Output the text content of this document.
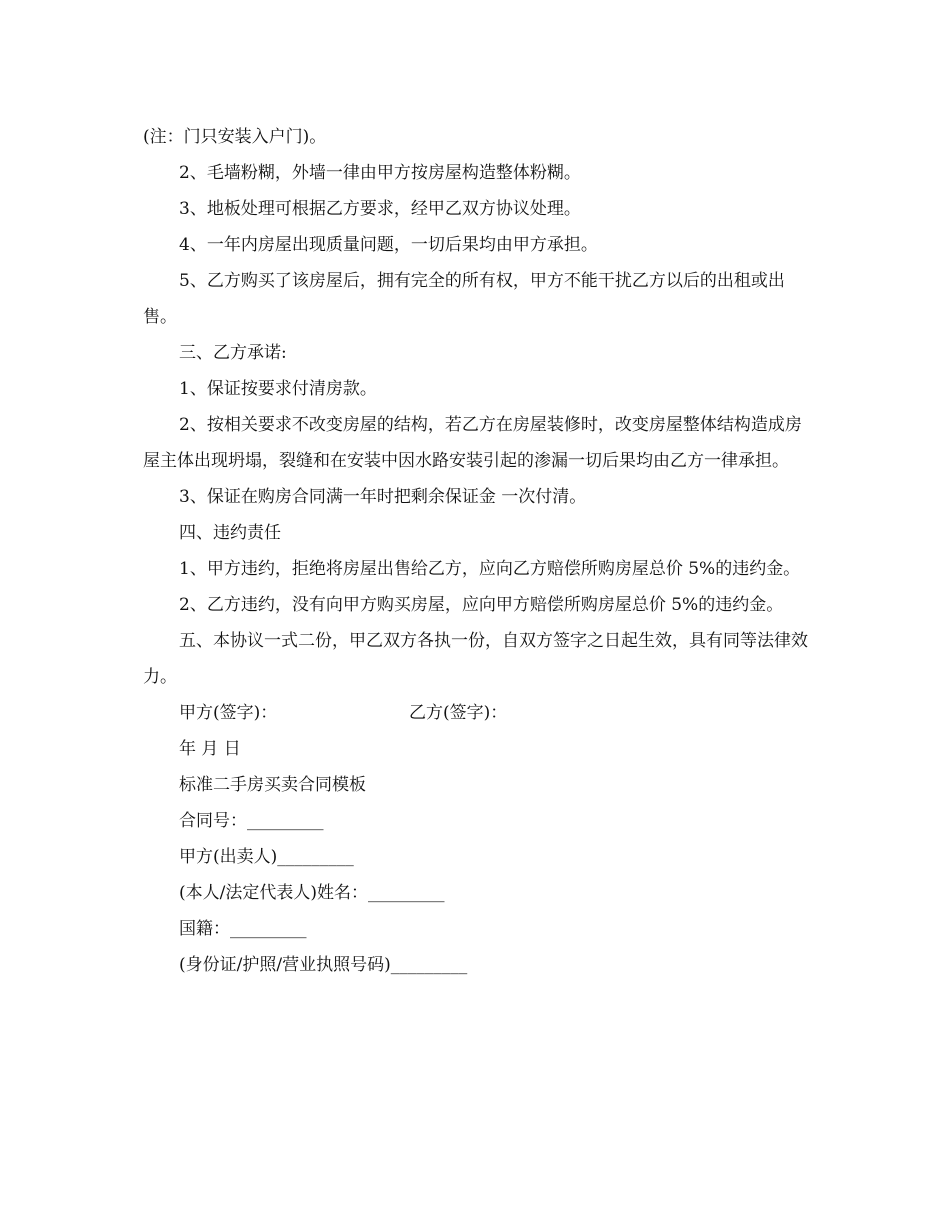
(注：门只安装入户门)。

2、毛墙粉糊，外墙一律由甲方按房屋构造整体粉糊。

3、地板处理可根据乙方要求，经甲乙双方协议处理。

4、一年内房屋出现质量问题，一切后果均由甲方承担。

5、乙方购买了该房屋后，拥有完全的所有权，甲方不能干扰乙方以后的出租或出售。

三、乙方承诺:

1、保证按要求付清房款。

2、按相关要求不改变房屋的结构，若乙方在房屋装修时，改变房屋整体结构造成房屋主体出现坍塌，裂缝和在安装中因水路安装引起的渗漏一切后果均由乙方一律承担。

3、保证在购房合同满一年时把剩余保证金 一次付清。

四、违约责任

1、甲方违约，拒绝将房屋出售给乙方，应向乙方赔偿所购房屋总价 5%的违约金。

2、乙方违约，没有向甲方购买房屋，应向甲方赔偿所购房屋总价 5%的违约金。

五、本协议一式二份，甲乙双方各执一份，自双方签字之日起生效，具有同等法律效力。

甲方(签字)：	乙方(签字)：

年 月 日

标准二手房买卖合同模板

合同号：_________

甲方(出卖人)_________

(本人/法定代表人)姓名：_________

国籍：_________

(身份证/护照/营业执照号码)_________
